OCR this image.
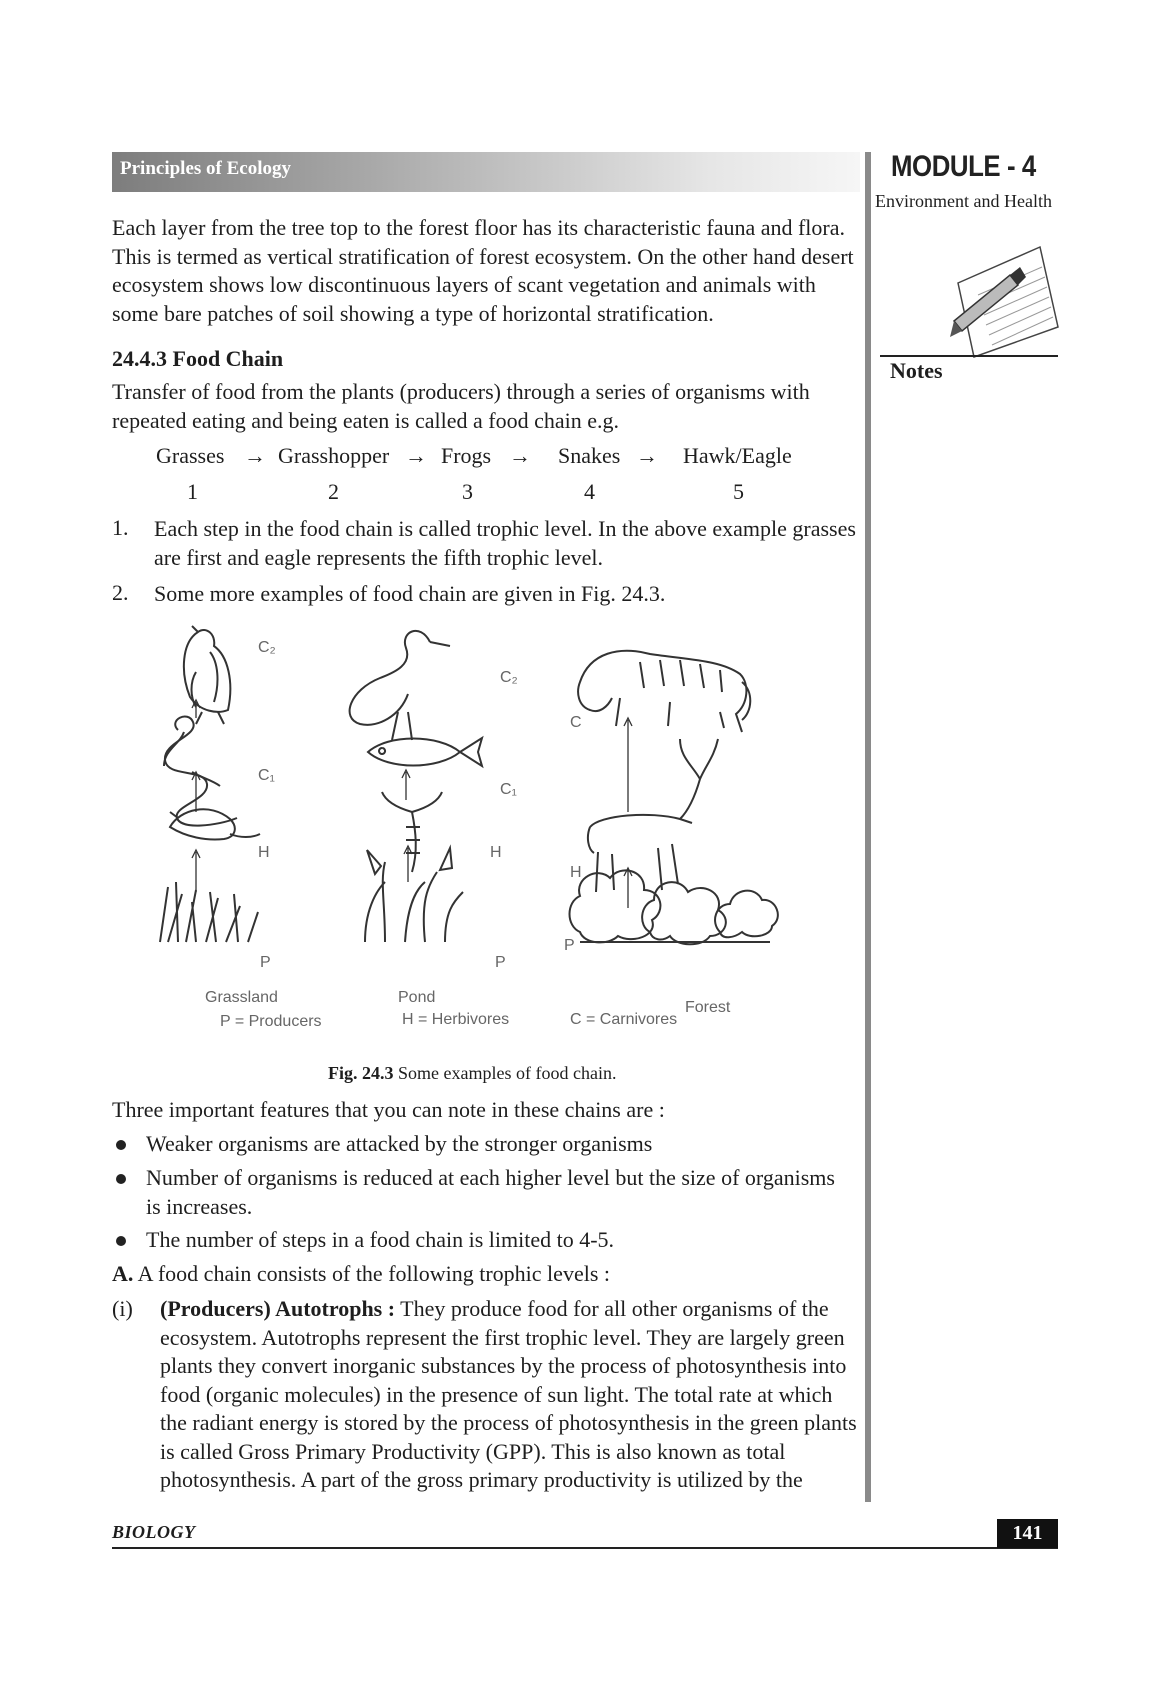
Principles of Ecology	MODULE - 4
Environment and Health
Notes

Each layer from the tree top to the forest floor has its characteristic fauna and flora.

This is termed as vertical stratification of forest ecosystem. On the other hand desert

ecosystem shows low discontinuous layers of scant vegetation and animals with

some bare patches of soil showing a type of horizontal stratification.

24.4.3 Food Chain

Transfer of food from the plants (producers) through a series of organisms with

repeated eating and being eaten is called a food chain e.g.

Grasses → Grasshopper → Frogs → Snakes → Hawk/Eagle
1	2	3	4	5
1. Each step in the food chain is called trophic level. In the above example grasses

are first and eagle represents the fifth trophic level.

2. Some more examples of food chain are given in Fig. 24.3.

C₂
C₁
H
P
C₂
C₁
H
P
C
H
P
Grassland	Pond
Forest
P = Producers	H = Herbivores	C = Carnivores
Fig. 24.3 Some examples of food chain.
Three important features that you can note in these chains are :

Weaker organisms are attacked by the stronger organisms

Number of organisms is reduced at each higher level but the size of organisms

is increases.

The number of steps in a food chain is limited to 4-5.

A. A food chain consists of the following trophic levels :
(i) (Producers) Autotrophs : They produce food for all other organisms of the

ecosystem. Autotrophs represent the first trophic level. They are largely green

plants they convert inorganic substances by the process of photosynthesis into

food (organic molecules) in the presence of sun light. The total rate at which

the radiant energy is stored by the process of photosynthesis in the green plants

is called Gross Primary Productivity (GPP). This is also known as total

photosynthesis. A part of the gross primary productivity is utilized by the

BIOLOGY	141
